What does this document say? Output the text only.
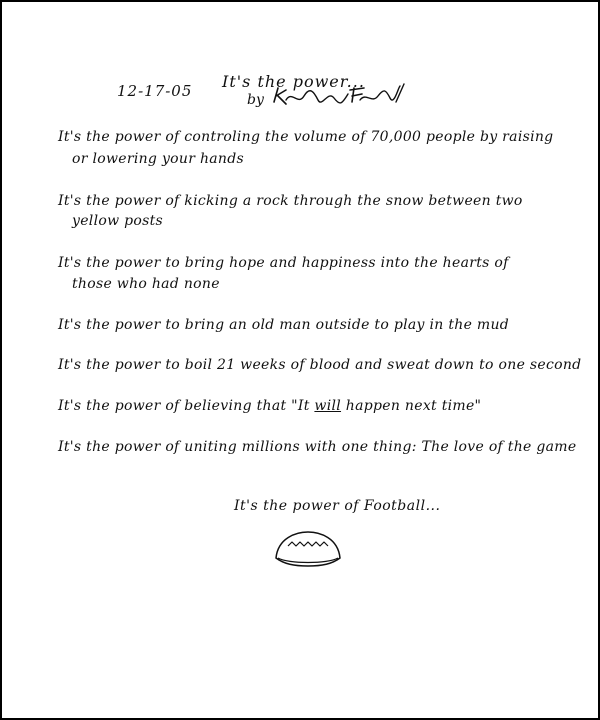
12-17-05 It's the power...
by
It's the power of controling the volume of 70,000 people by raising
or lowering your hands
It's the power of kicking a rock through the snow between two
yellow posts
It's the power to bring hope and happiness into the hearts of
those who had none
It's the power to bring an old man outside to play in the mud
It's the power to boil 21 weeks of blood and sweat down to one second
It's the power of believing that "It will happen next time"
It's the power of uniting millions with one thing: The love of the game
It's the power of Football...
